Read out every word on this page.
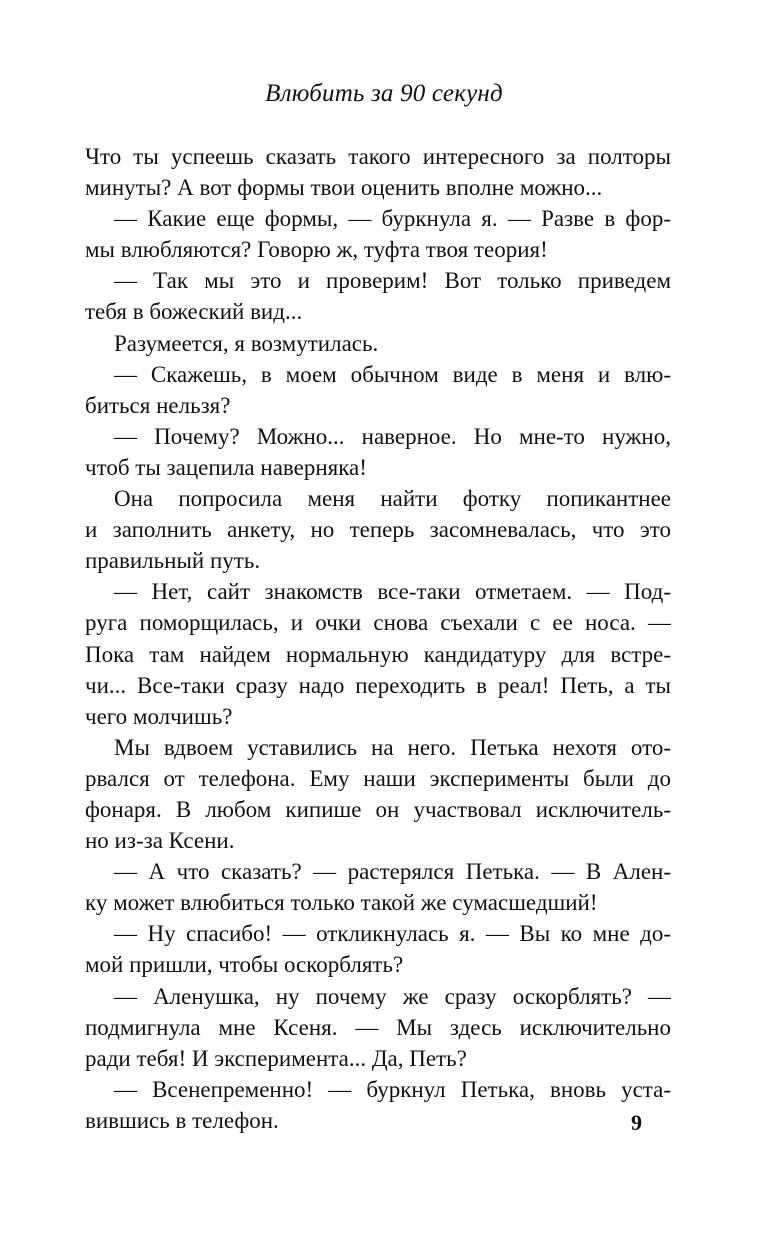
Влюбить за 90 секунд
Что ты успеешь сказать такого интересного за полторы
минуты? А вот формы твои оценить вполне можно...
— Какие еще формы, — буркнула я. — Разве в фор-
мы влюбляются? Говорю ж, туфта твоя теория!
— Так мы это и проверим! Вот только приведем
тебя в божеский вид...
Разумеется, я возмутилась.
— Скажешь, в моем обычном виде в меня и влю-
биться нельзя?
— Почему? Можно... наверное. Но мне-то нужно,
чтоб ты зацепила наверняка!
Она попросила меня найти фотку попикантнее
и заполнить анкету, но теперь засомневалась, что это
правильный путь.
— Нет, сайт знакомств все-таки отметаем. — Под-
руга поморщилась, и очки снова съехали с ее носа. —
Пока там найдем нормальную кандидатуру для встре-
чи... Все-таки сразу надо переходить в реал! Петь, а ты
чего молчишь?
Мы вдвоем уставились на него. Петька нехотя ото-
рвался от телефона. Ему наши эксперименты были до
фонаря. В любом кипише он участвовал исключитель-
но из-за Ксени.
— А что сказать? — растерялся Петька. — В Ален-
ку может влюбиться только такой же сумасшедший!
— Ну спасибо! — откликнулась я. — Вы ко мне до-
мой пришли, чтобы оскорблять?
— Аленушка, ну почему же сразу оскорблять? —
подмигнула мне Ксеня. — Мы здесь исключительно
ради тебя! И эксперимента... Да, Петь?
— Всенепременно! — буркнул Петька, вновь уста-
вившись в телефон.	9
